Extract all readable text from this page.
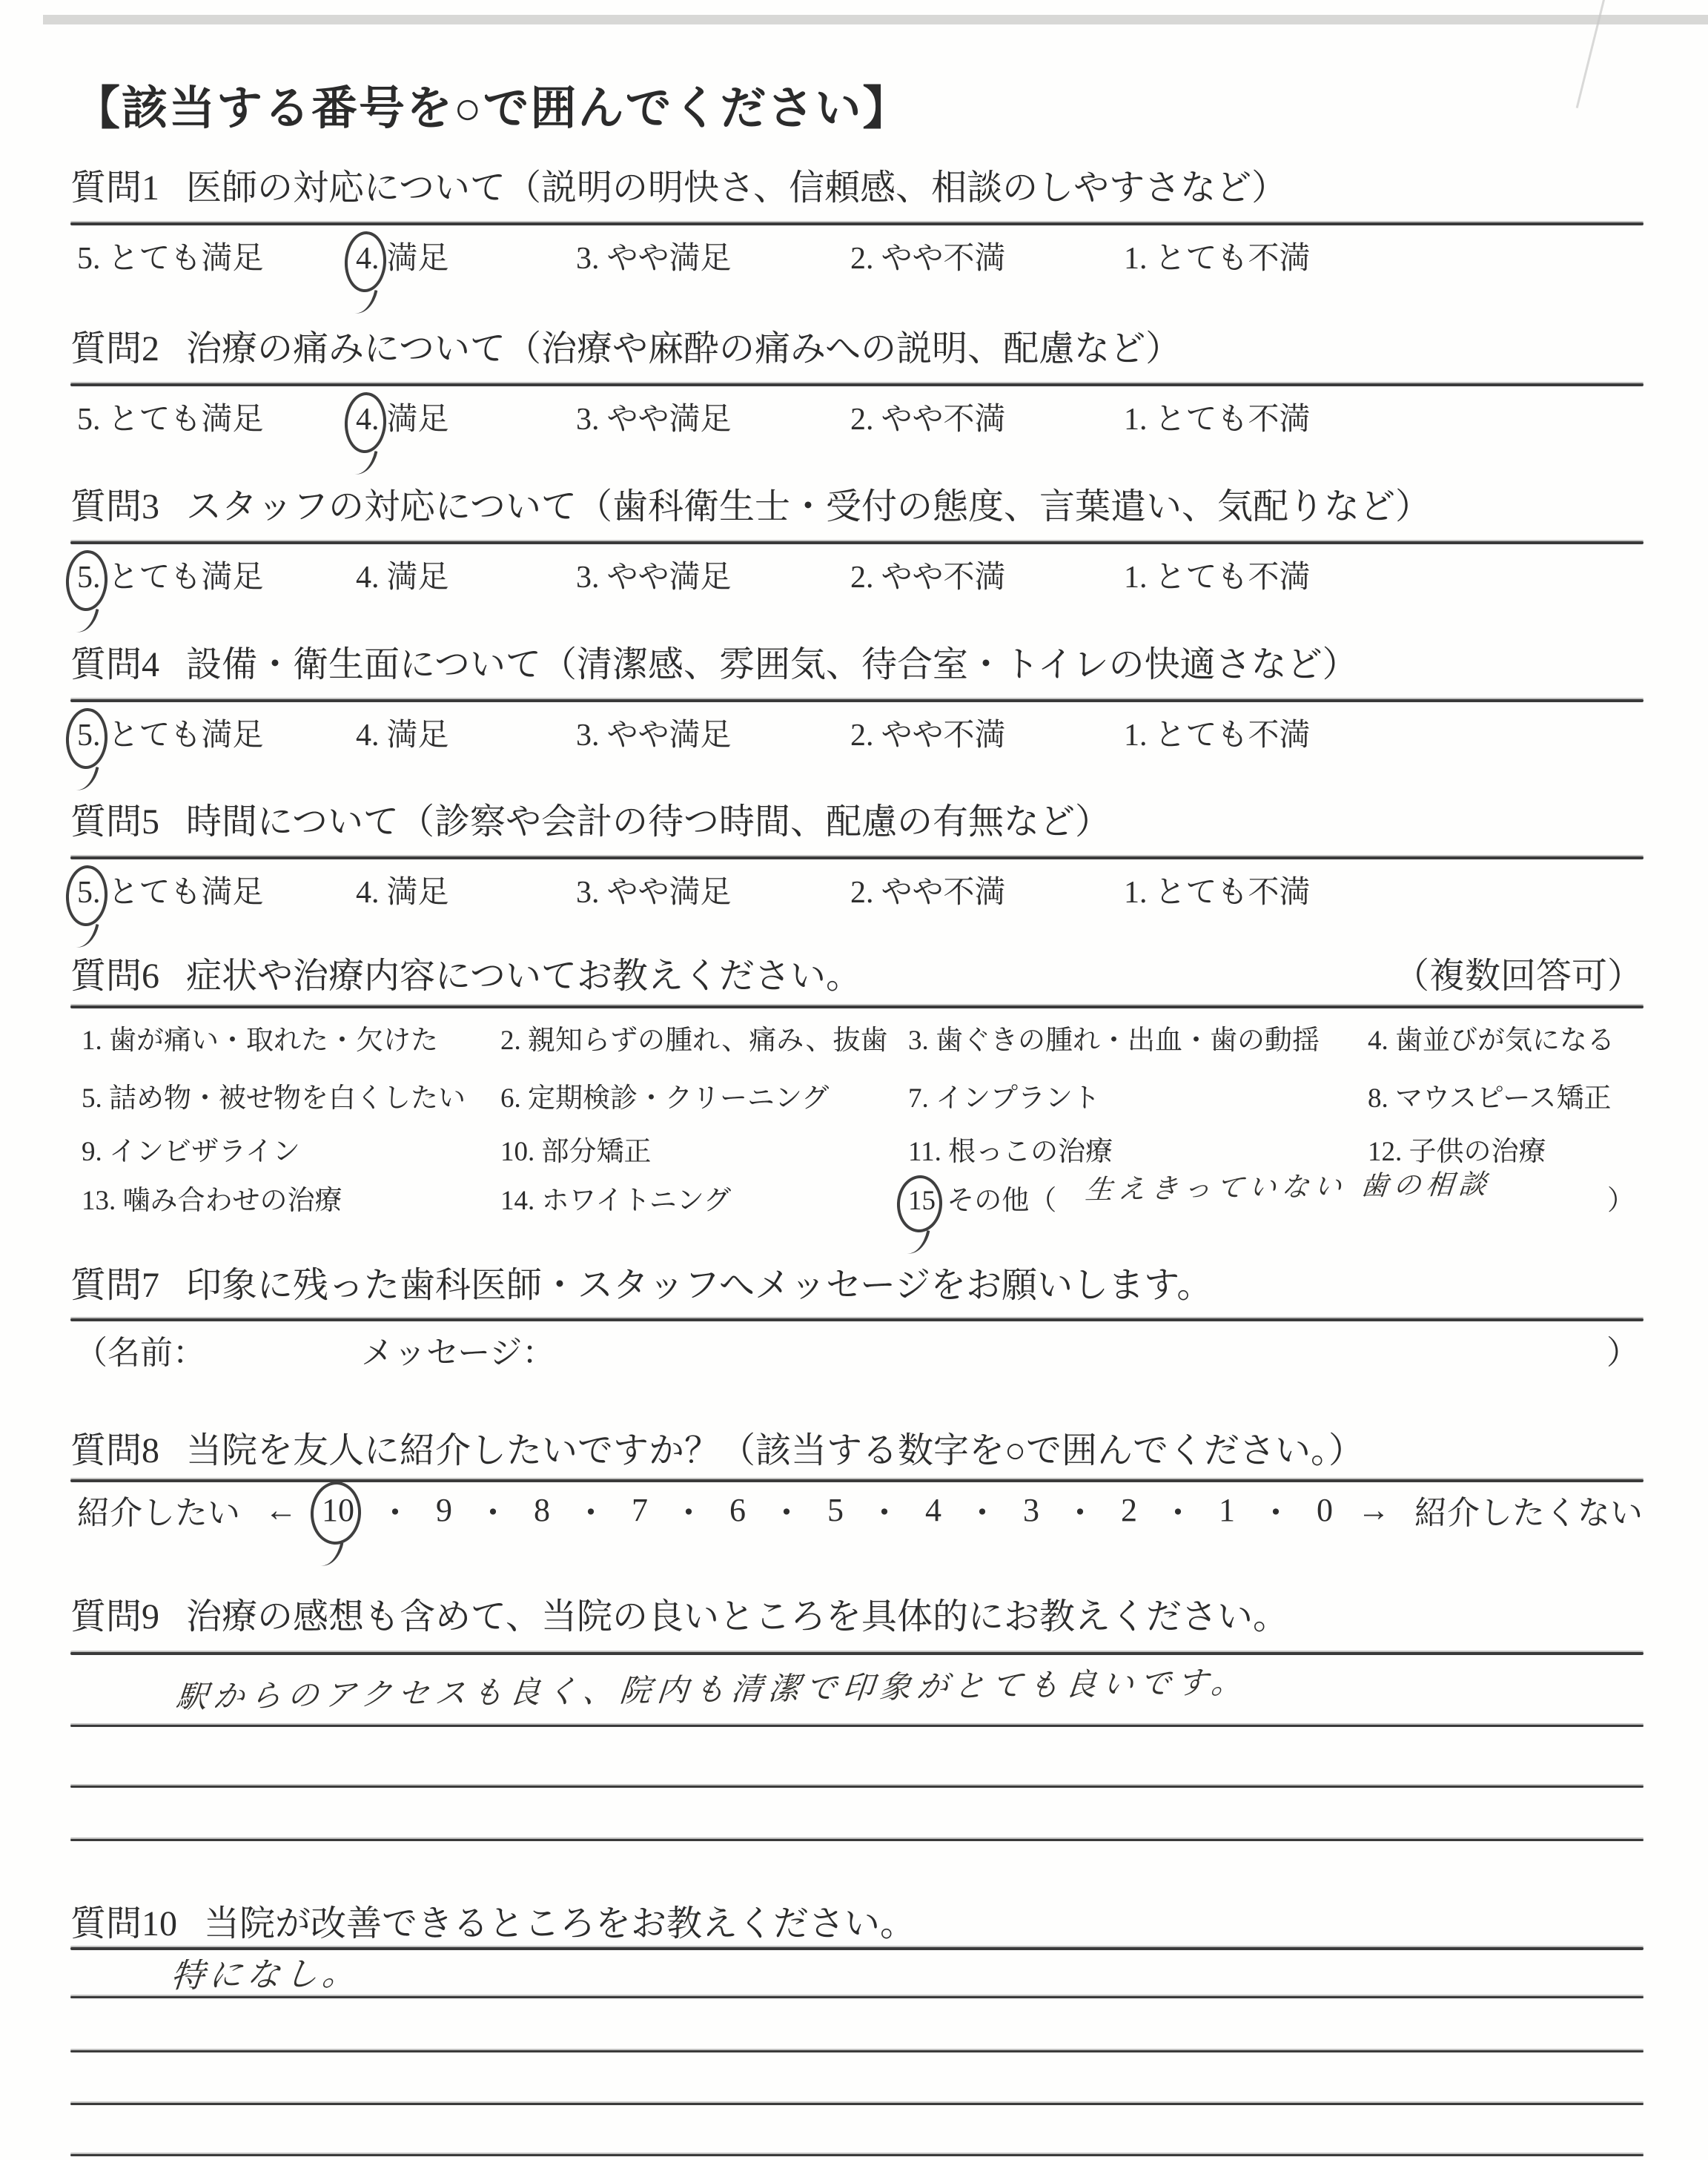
【該当する番号を○で囲んでください】
質問1 医師の対応について（説明の明快さ、信頼感、相談のしやすさなど）
5. とても満足	4. 満足	3. やや満足	2. やや不満	1. とても不満
質問2 治療の痛みについて（治療や麻酔の痛みへの説明、配慮など）
5. とても満足	4. 満足	3. やや満足	2. やや不満	1. とても不満
質問3 スタッフの対応について（歯科衛生士・受付の態度、言葉遣い、気配りなど）
5. とても満足	4. 満足	3. やや満足	2. やや不満	1. とても不満
質問4 設備・衛生面について（清潔感、雰囲気、待合室・トイレの快適さなど）
5. とても満足	4. 満足	3. やや満足	2. やや不満	1. とても不満
質問5 時間について（診察や会計の待つ時間、配慮の有無など）
5. とても満足	4. 満足	3. やや満足	2. やや不満	1. とても不満
質問6 症状や治療内容についてお教えください。	（複数回答可）
1. 歯が痛い・取れた・欠けた 2. 親知らずの腫れ、痛み、抜歯 3. 歯ぐきの腫れ・出血・歯の動揺 4. 歯並びが気になる
5. 詰め物・被せ物を白くしたい 6. 定期検診・クリーニング	7. インプラント	8. マウスピース矯正
9. インビザライン	10. 部分矯正	11. 根っこの治療	12. 子供の治療
13. 噛み合わせの治療	14. ホワイトニング	15 その他（ 生えきっていない 歯の相談	）
質問7 印象に残った歯科医師・スタッフへメッセージをお願いします。
（名前：	メッセージ：	）
質問8 当院を友人に紹介したいですか？（該当する数字を○で囲んでください。）
紹介したい ← 10 ・ 9 ・ 8 ・ 7 ・ 6 ・ 5 ・ 4 ・ 3 ・ 2 ・ 1 ・ 0 → 紹介したくない
質問9 治療の感想も含めて、当院の良いところを具体的にお教えください。
駅からのアクセスも良く、院内も清潔で印象がとても良いです。
質問10 当院が改善できるところをお教えください。
特になし。
